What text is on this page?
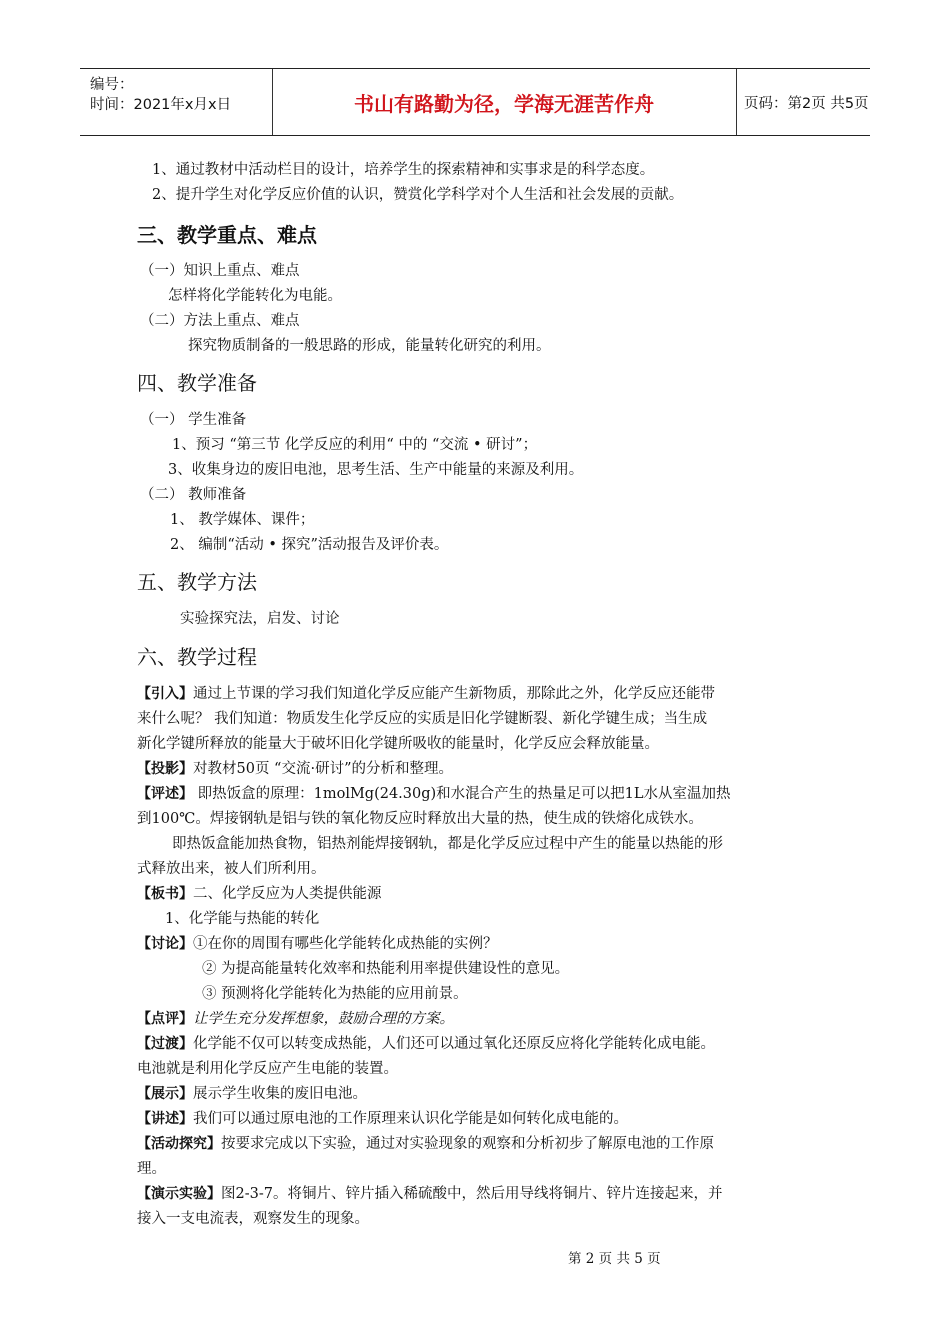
编号：
时间：2021年x月x日	书山有路勤为径，学海无涯苦作舟	页码：第2页 共5页
1、通过教材中活动栏目的设计，培养学生的探索精神和实事求是的科学态度。
2、提升学生对化学反应价值的认识，赞赏化学科学对个人生活和社会发展的贡献。
三、教学重点、难点
（一）知识上重点、难点
怎样将化学能转化为电能。
（二）方法上重点、难点
探究物质制备的一般思路的形成，能量转化研究的利用。
四、教学准备
（一） 学生准备
1、预习 “第三节 化学反应的利用“ 中的 “交流 • 研讨”；
3、收集身边的废旧电池，思考生活、生产中能量的来源及利用。
（二） 教师准备
1、 教学媒体、课件；
2、 编制“活动 • 探究”活动报告及评价表。
五、教学方法
实验探究法，启发、讨论
六、教学过程
【引入】通过上节课的学习我们知道化学反应能产生新物质，那除此之外，化学反应还能带
来什么呢？ 我们知道：物质发生化学反应的实质是旧化学键断裂、新化学键生成；当生成
新化学键所释放的能量大于破坏旧化学键所吸收的能量时，化学反应会释放能量。
【投影】对教材50页 “交流·研讨”的分析和整理。
【评述】 即热饭盒的原理：1molMg(24.30g)和水混合产生的热量足可以把1L水从室温加热
到100℃。焊接钢轨是铝与铁的氧化物反应时释放出大量的热，使生成的铁熔化成铁水。
即热饭盒能加热食物，铝热剂能焊接钢轨，都是化学反应过程中产生的能量以热能的形
式释放出来，被人们所利用。
【板书】二、化学反应为人类提供能源
1、化学能与热能的转化
【讨论】①在你的周围有哪些化学能转化成热能的实例？
② 为提高能量转化效率和热能利用率提供建设性的意见。
③ 预测将化学能转化为热能的应用前景。
【点评】让学生充分发挥想象，鼓励合理的方案。
【过渡】化学能不仅可以转变成热能，人们还可以通过氧化还原反应将化学能转化成电能。
电池就是利用化学反应产生电能的装置。
【展示】展示学生收集的废旧电池。
【讲述】我们可以通过原电池的工作原理来认识化学能是如何转化成电能的。
【活动探究】按要求完成以下实验，通过对实验现象的观察和分析初步了解原电池的工作原
理。
【演示实验】图2-3-7。将铜片、锌片插入稀硫酸中，然后用导线将铜片、锌片连接起来，并
接入一支电流表，观察发生的现象。
第 2 页 共 5 页
